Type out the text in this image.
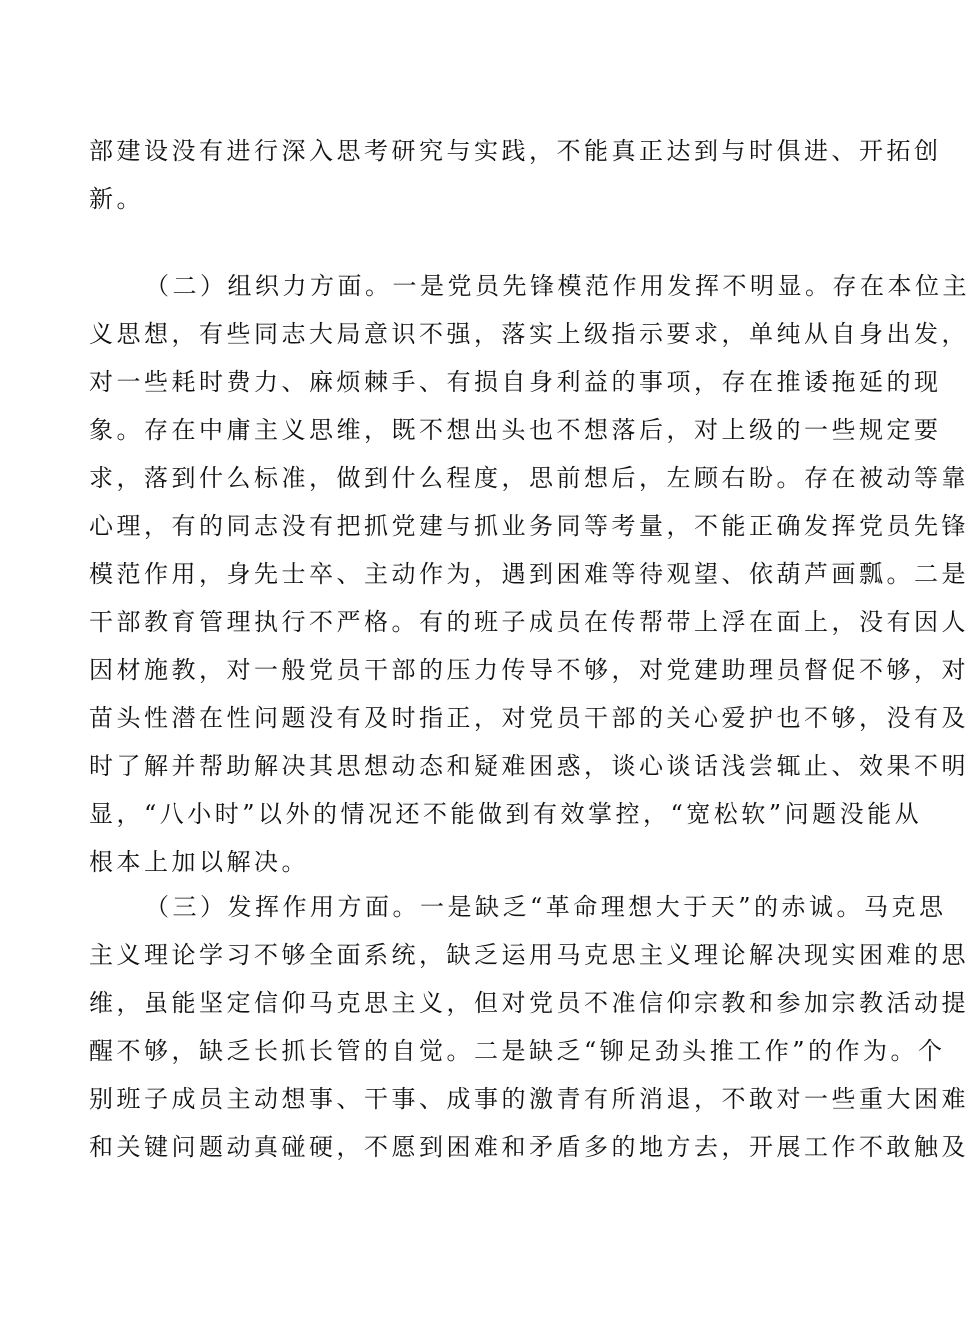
部建设没有进行深入思考研究与实践，不能真正达到与时俱进、开拓创
新。
（二）组织力方面。一是党员先锋模范作用发挥不明显。存在本位主
义思想，有些同志大局意识不强，落实上级指示要求，单纯从自身出发，
对一些耗时费力、麻烦棘手、有损自身利益的事项，存在推诿拖延的现
象。存在中庸主义思维，既不想出头也不想落后，对上级的一些规定要
求，落到什么标准，做到什么程度，思前想后，左顾右盼。存在被动等靠
心理，有的同志没有把抓党建与抓业务同等考量，不能正确发挥党员先锋
模范作用，身先士卒、主动作为，遇到困难等待观望、依葫芦画瓢。二是
干部教育管理执行不严格。有的班子成员在传帮带上浮在面上，没有因人
因材施教，对一般党员干部的压力传导不够，对党建助理员督促不够，对
苗头性潜在性问题没有及时指正，对党员干部的关心爱护也不够，没有及
时了解并帮助解决其思想动态和疑难困惑，谈心谈话浅尝辄止、效果不明
显，“八小时”以外的情况还不能做到有效掌控，“宽松软”问题没能从
根本上加以解决。
（三）发挥作用方面。一是缺乏“革命理想大于天”的赤诚。马克思
主义理论学习不够全面系统，缺乏运用马克思主义理论解决现实困难的思
维，虽能坚定信仰马克思主义，但对党员不准信仰宗教和参加宗教活动提
醒不够，缺乏长抓长管的自觉。二是缺乏“铆足劲头推工作”的作为。个
别班子成员主动想事、干事、成事的激青有所消退，不敢对一些重大困难
和关键问题动真碰硬，不愿到困难和矛盾多的地方去，开展工作不敢触及
